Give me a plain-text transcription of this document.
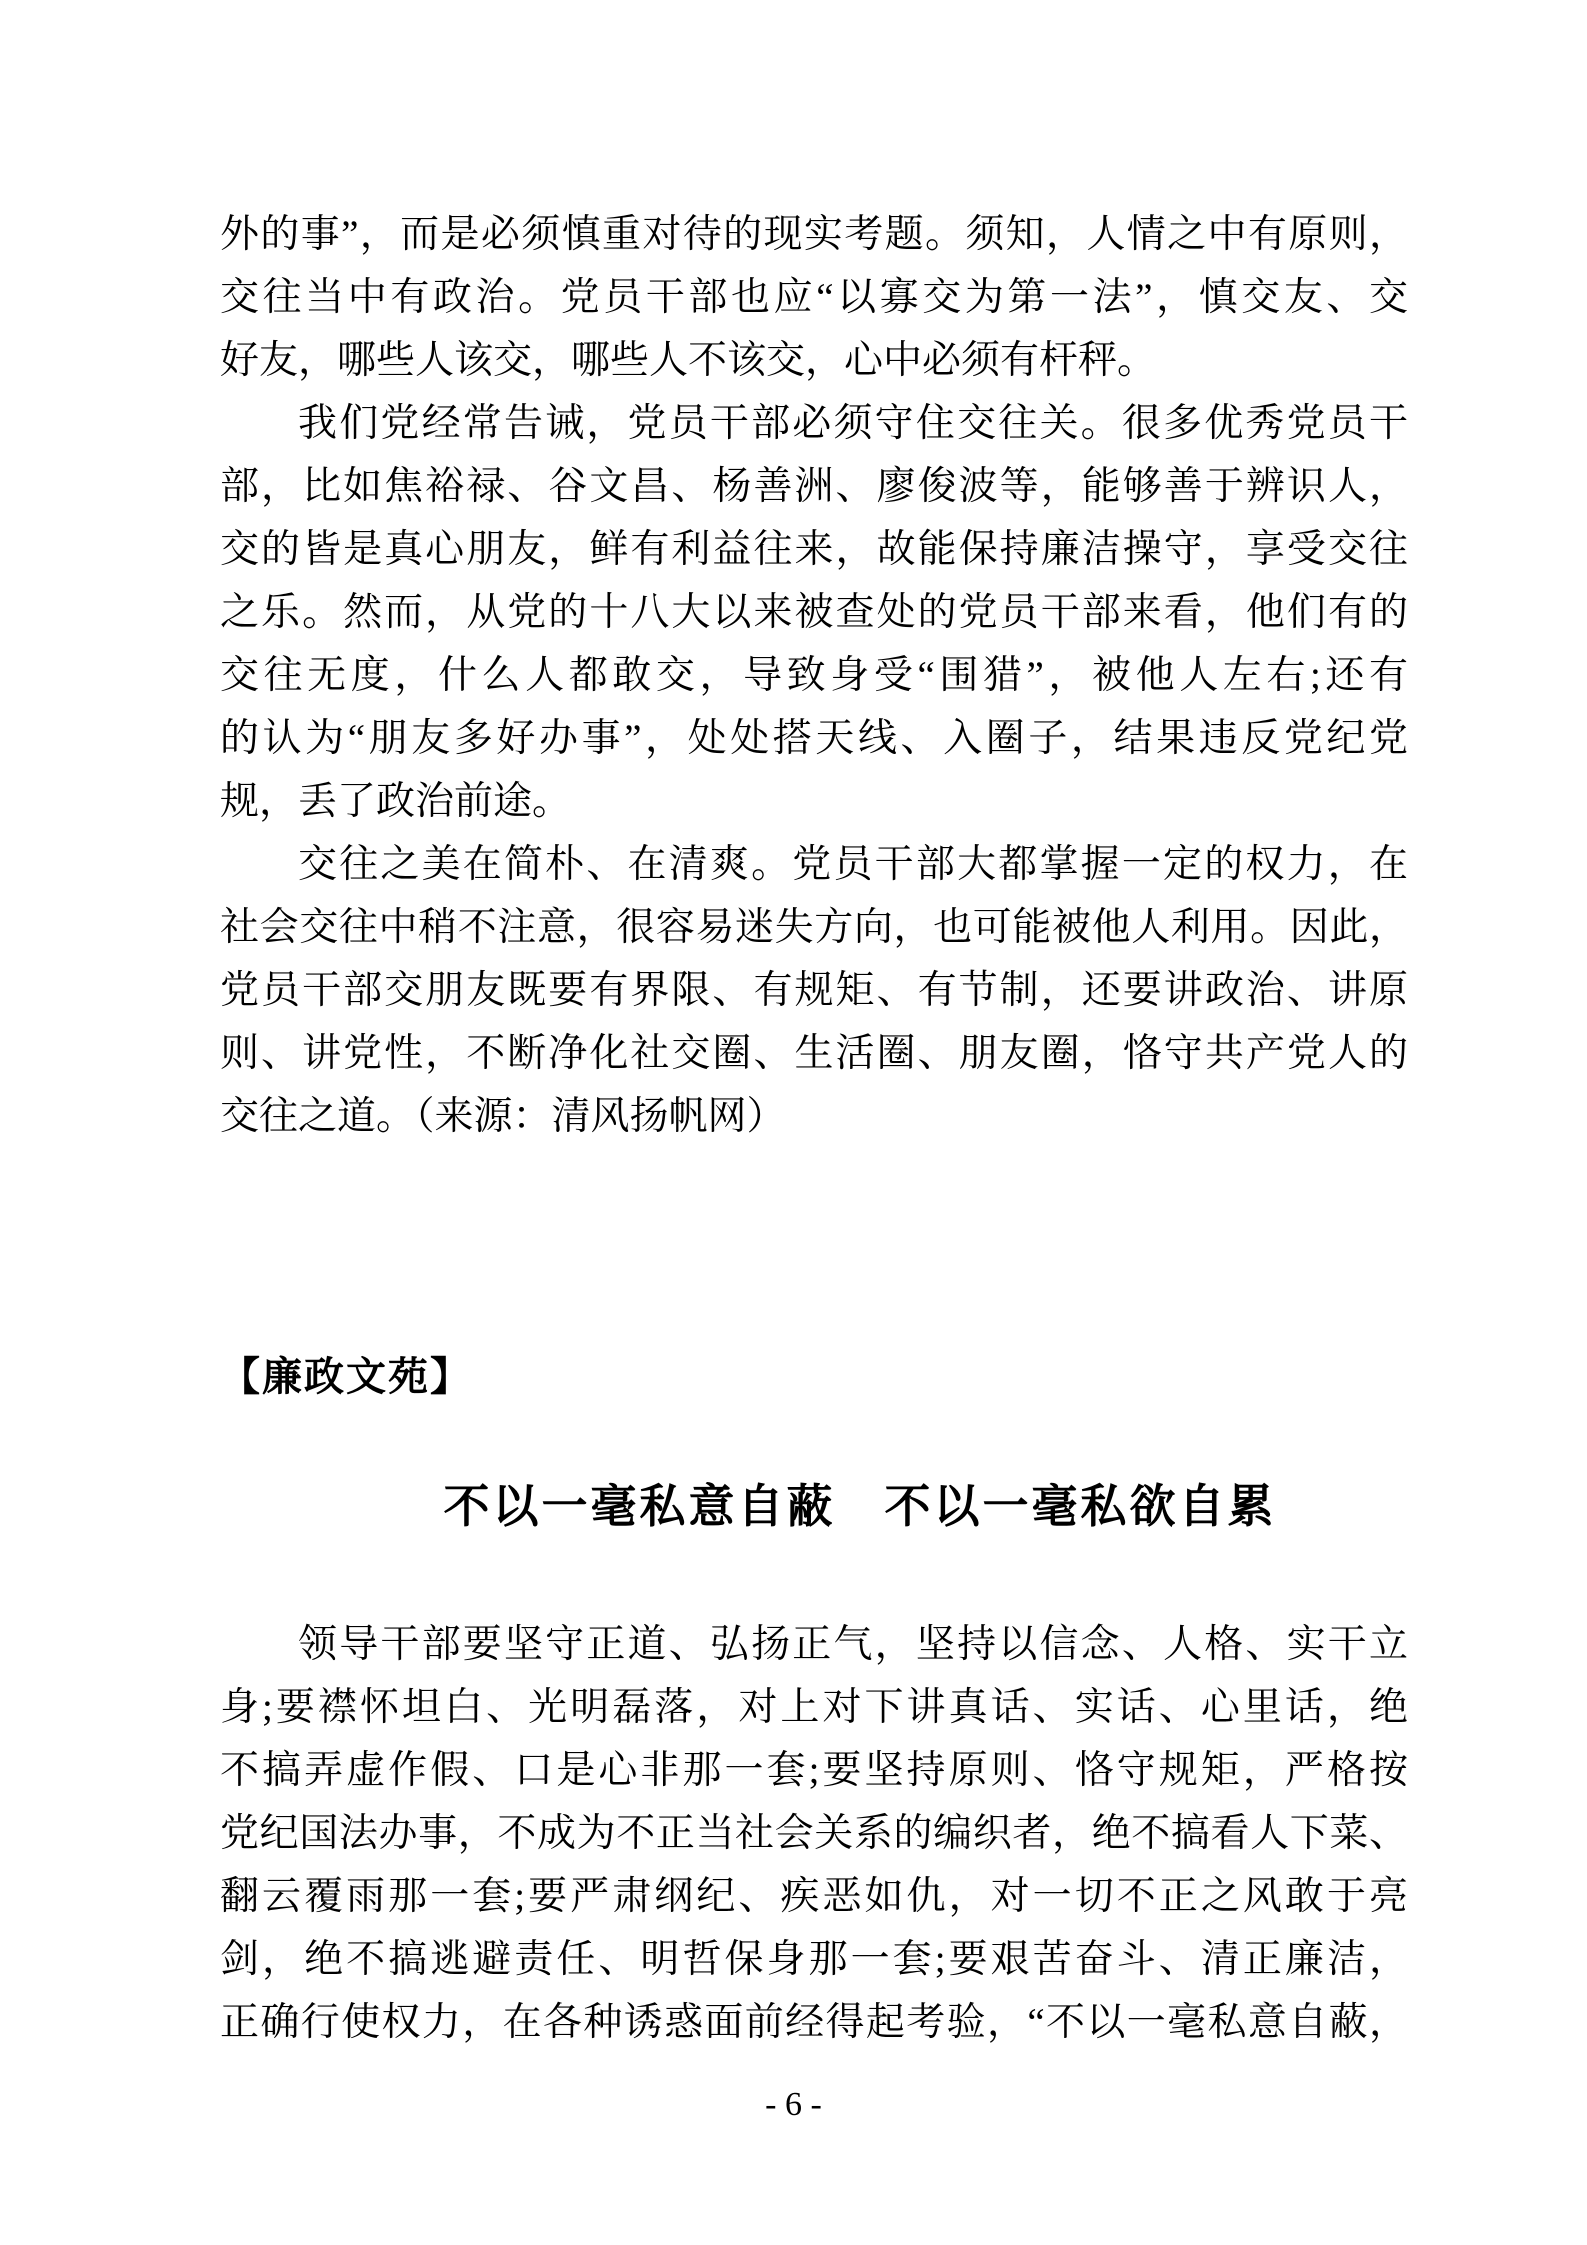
外的事”，而是必须慎重对待的现实考题。须知，人情之中有原则，
交往当中有政治。党员干部也应“以寡交为第一法”，慎交友、交
好友，哪些人该交，哪些人不该交，心中必须有杆秤。
我们党经常告诫，党员干部必须守住交往关。很多优秀党员干
部，比如焦裕禄、谷文昌、杨善洲、廖俊波等，能够善于辨识人，
交的皆是真心朋友，鲜有利益往来，故能保持廉洁操守，享受交往
之乐。然而，从党的十八大以来被查处的党员干部来看，他们有的
交往无度，什么人都敢交，导致身受“围猎”，被他人左右;还有
的认为“朋友多好办事”，处处搭天线、入圈子，结果违反党纪党
规，丢了政治前途。
交往之美在简朴、在清爽。党员干部大都掌握一定的权力，在
社会交往中稍不注意，很容易迷失方向，也可能被他人利用。因此，
党员干部交朋友既要有界限、有规矩、有节制，还要讲政治、讲原
则、讲党性，不断净化社交圈、生活圈、朋友圈，恪守共产党人的
交往之道。（来源：清风扬帆网）
【廉政文苑】
不以一毫私意自蔽　不以一毫私欲自累
领导干部要坚守正道、弘扬正气，坚持以信念、人格、实干立
身;要襟怀坦白、光明磊落，对上对下讲真话、实话、心里话，绝
不搞弄虚作假、口是心非那一套;要坚持原则、恪守规矩，严格按
党纪国法办事，不成为不正当社会关系的编织者，绝不搞看人下菜、
翻云覆雨那一套;要严肃纲纪、疾恶如仇，对一切不正之风敢于亮
剑，绝不搞逃避责任、明哲保身那一套;要艰苦奋斗、清正廉洁，
正确行使权力，在各种诱惑面前经得起考验，“不以一毫私意自蔽，
- 6 -
